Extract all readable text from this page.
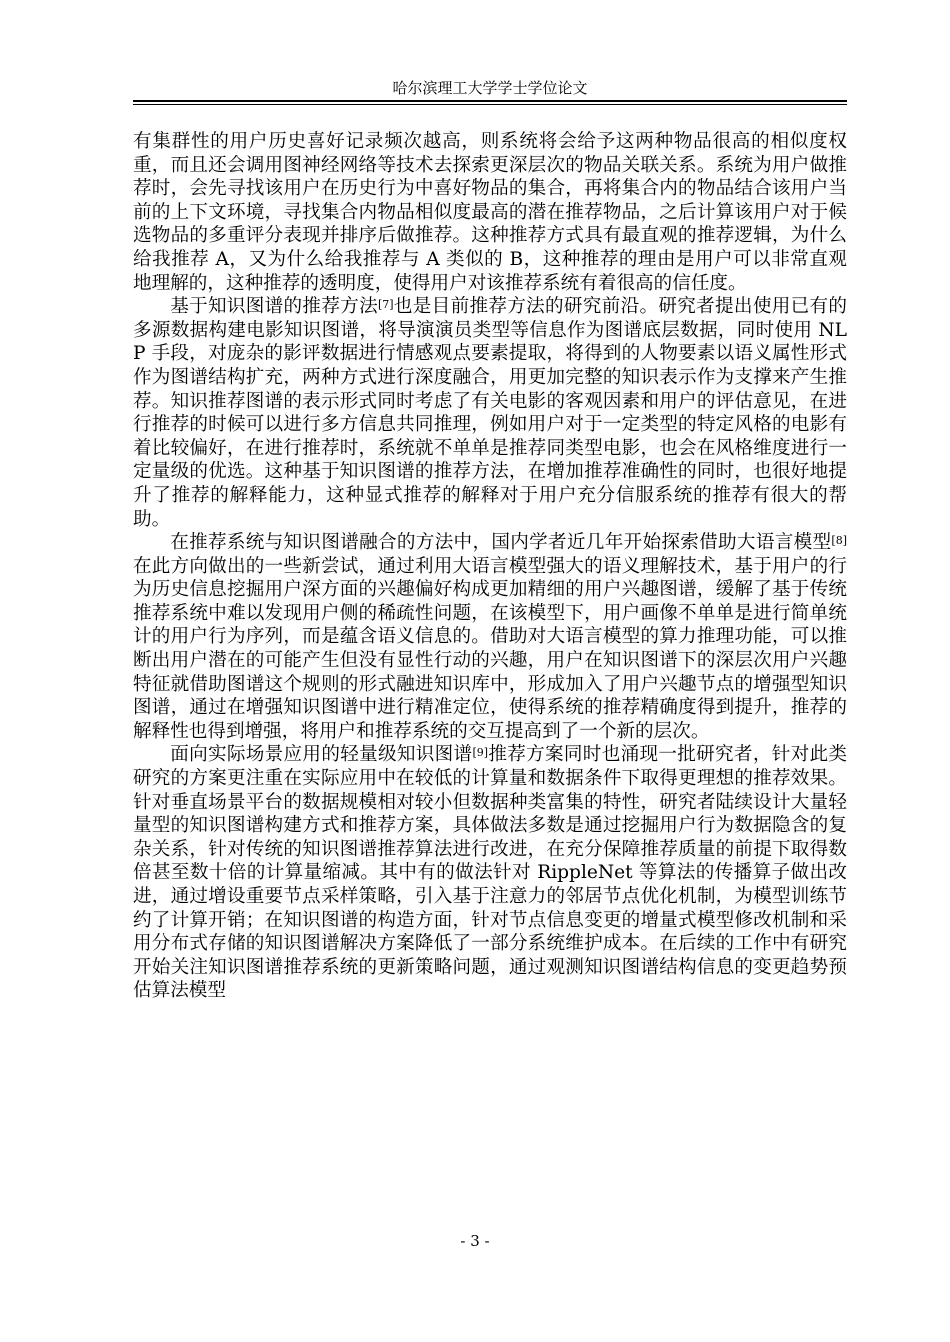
哈尔滨理工大学学士学位论文

有集群性的用户历史喜好记录频次越高，则系统将会给予这两种物品很高的相似度权重，而且还会调用图神经网络等技术去探索更深层次的物品关联关系。系统为用户做推荐时，会先寻找该用户在历史行为中喜好物品的集合，再将集合内的物品结合该用户当前的上下文环境，寻找集合内物品相似度最高的潜在推荐物品，之后计算该用户对于候选物品的多重评分表现并排序后做推荐。这种推荐方式具有最直观的推荐逻辑，为什么给我推荐 A，又为什么给我推荐与 A 类似的 B，这种推荐的理由是用户可以非常直观地理解的，这种推荐的透明度，使得用户对该推荐系统有着很高的信任度。

基于知识图谱的推荐方法[7]也是目前推荐方法的研究前沿。研究者提出使用已有的多源数据构建电影知识图谱，将导演演员类型等信息作为图谱底层数据，同时使用 NLP 手段，对庞杂的影评数据进行情感观点要素提取，将得到的人物要素以语义属性形式作为图谱结构扩充，两种方式进行深度融合，用更加完整的知识表示作为支撑来产生推荐。知识推荐图谱的表示形式同时考虑了有关电影的客观因素和用户的评估意见，在进行推荐的时候可以进行多方信息共同推理，例如用户对于一定类型的特定风格的电影有着比较偏好，在进行推荐时，系统就不单单是推荐同类型电影，也会在风格维度进行一定量级的优选。这种基于知识图谱的推荐方法，在增加推荐准确性的同时，也很好地提升了推荐的解释能力，这种显式推荐的解释对于用户充分信服系统的推荐有很大的帮助。

在推荐系统与知识图谱融合的方法中，国内学者近几年开始探索借助大语言模型[8]在此方向做出的一些新尝试，通过利用大语言模型强大的语义理解技术，基于用户的行为历史信息挖掘用户深方面的兴趣偏好构成更加精细的用户兴趣图谱，缓解了基于传统推荐系统中难以发现用户侧的稀疏性问题，在该模型下，用户画像不单单是进行简单统计的用户行为序列，而是蕴含语义信息的。借助对大语言模型的算力推理功能，可以推断出用户潜在的可能产生但没有显性行动的兴趣，用户在知识图谱下的深层次用户兴趣特征就借助图谱这个规则的形式融进知识库中，形成加入了用户兴趣节点的增强型知识图谱，通过在增强知识图谱中进行精准定位，使得系统的推荐精确度得到提升，推荐的解释性也得到增强，将用户和推荐系统的交互提高到了一个新的层次。

面向实际场景应用的轻量级知识图谱[9]推荐方案同时也涌现一批研究者，针对此类研究的方案更注重在实际应用中在较低的计算量和数据条件下取得更理想的推荐效果。针对垂直场景平台的数据规模相对较小但数据种类富集的特性，研究者陆续设计大量轻量型的知识图谱构建方式和推荐方案，具体做法多数是通过挖掘用户行为数据隐含的复杂关系，针对传统的知识图谱推荐算法进行改进，在充分保障推荐质量的前提下取得数倍甚至数十倍的计算量缩减。其中有的做法针对 RippleNet 等算法的传播算子做出改进，通过增设重要节点采样策略，引入基于注意力的邻居节点优化机制，为模型训练节约了计算开销；在知识图谱的构造方面，针对节点信息变更的增量式模型修改机制和采用分布式存储的知识图谱解决方案降低了一部分系统维护成本。在后续的工作中有研究开始关注知识图谱推荐系统的更新策略问题，通过观测知识图谱结构信息的变更趋势预估算法模型

- 3 -
